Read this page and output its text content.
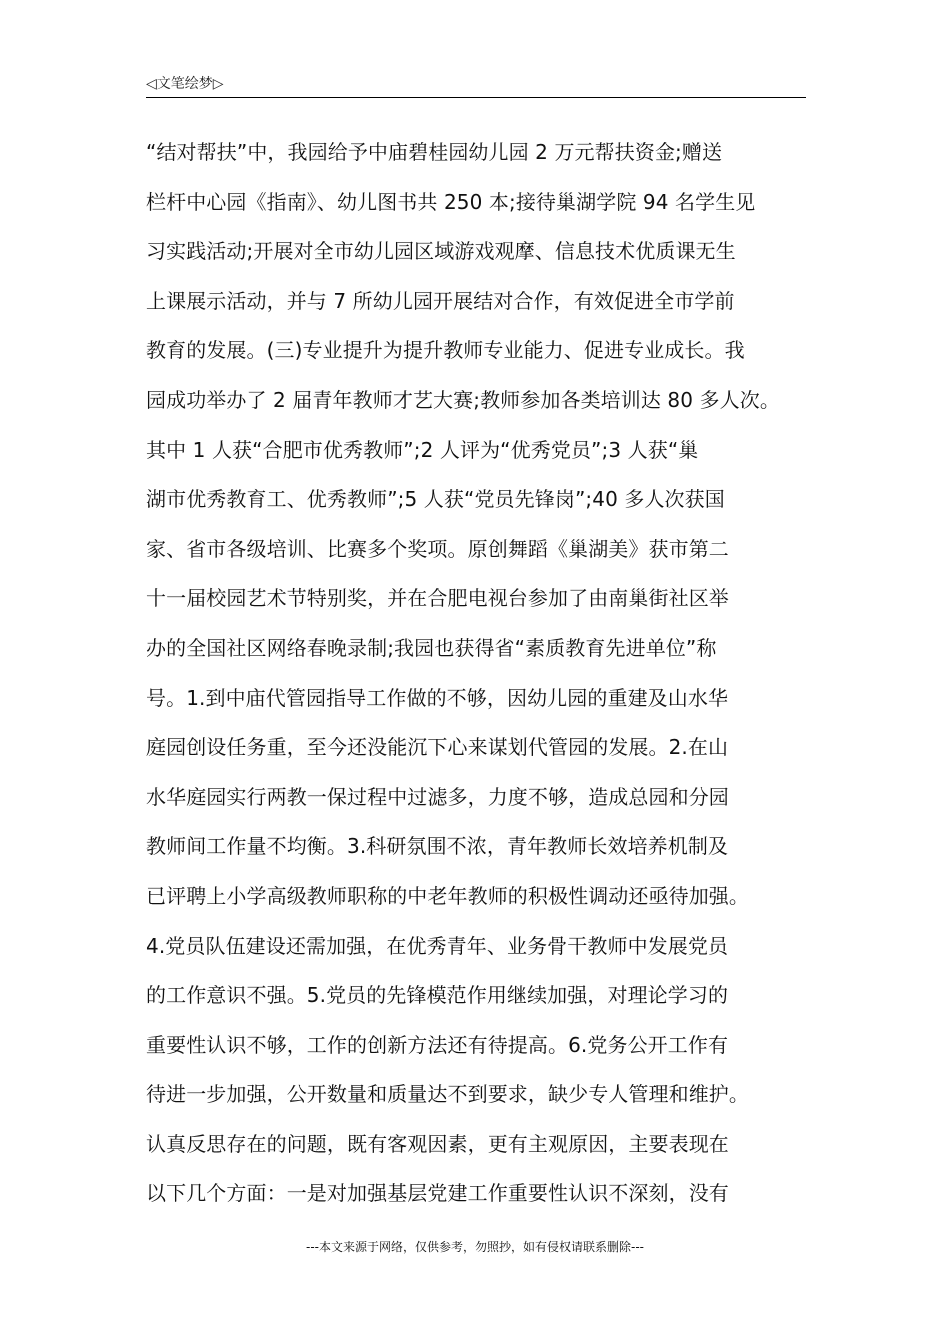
◁文笔绘梦▷
“结对帮扶”中，我园给予中庙碧桂园幼儿园 2 万元帮扶资金;赠送
栏杆中心园《指南》、幼儿图书共 250 本;接待巢湖学院 94 名学生见
习实践活动;开展对全市幼儿园区域游戏观摩、信息技术优质课无生
上课展示活动，并与 7 所幼儿园开展结对合作，有效促进全市学前
教育的发展。(三)专业提升为提升教师专业能力、促进专业成长。我
园成功举办了 2 届青年教师才艺大赛;教师参加各类培训达 80 多人次。
其中 1 人获“合肥市优秀教师”;2 人评为“优秀党员”;3 人获“巢
湖市优秀教育工、优秀教师”;5 人获“党员先锋岗”;40 多人次获国
家、省市各级培训、比赛多个奖项。原创舞蹈《巢湖美》获市第二
十一届校园艺术节特别奖，并在合肥电视台参加了由南巢街社区举
办的全国社区网络春晚录制;我园也获得省“素质教育先进单位”称
号。1.到中庙代管园指导工作做的不够，因幼儿园的重建及山水华
庭园创设任务重，至今还没能沉下心来谋划代管园的发展。2.在山
水华庭园实行两教一保过程中过滤多，力度不够，造成总园和分园
教师间工作量不均衡。3.科研氛围不浓，青年教师长效培养机制及
已评聘上小学高级教师职称的中老年教师的积极性调动还亟待加强。
4.党员队伍建设还需加强，在优秀青年、业务骨干教师中发展党员
的工作意识不强。5.党员的先锋模范作用继续加强，对理论学习的
重要性认识不够，工作的创新方法还有待提高。6.党务公开工作有
待进一步加强，公开数量和质量达不到要求，缺少专人管理和维护。
认真反思存在的问题，既有客观因素，更有主观原因，主要表现在
以下几个方面：一是对加强基层党建工作重要性认识不深刻，没有
---本文来源于网络，仅供参考，勿照抄，如有侵权请联系删除---
